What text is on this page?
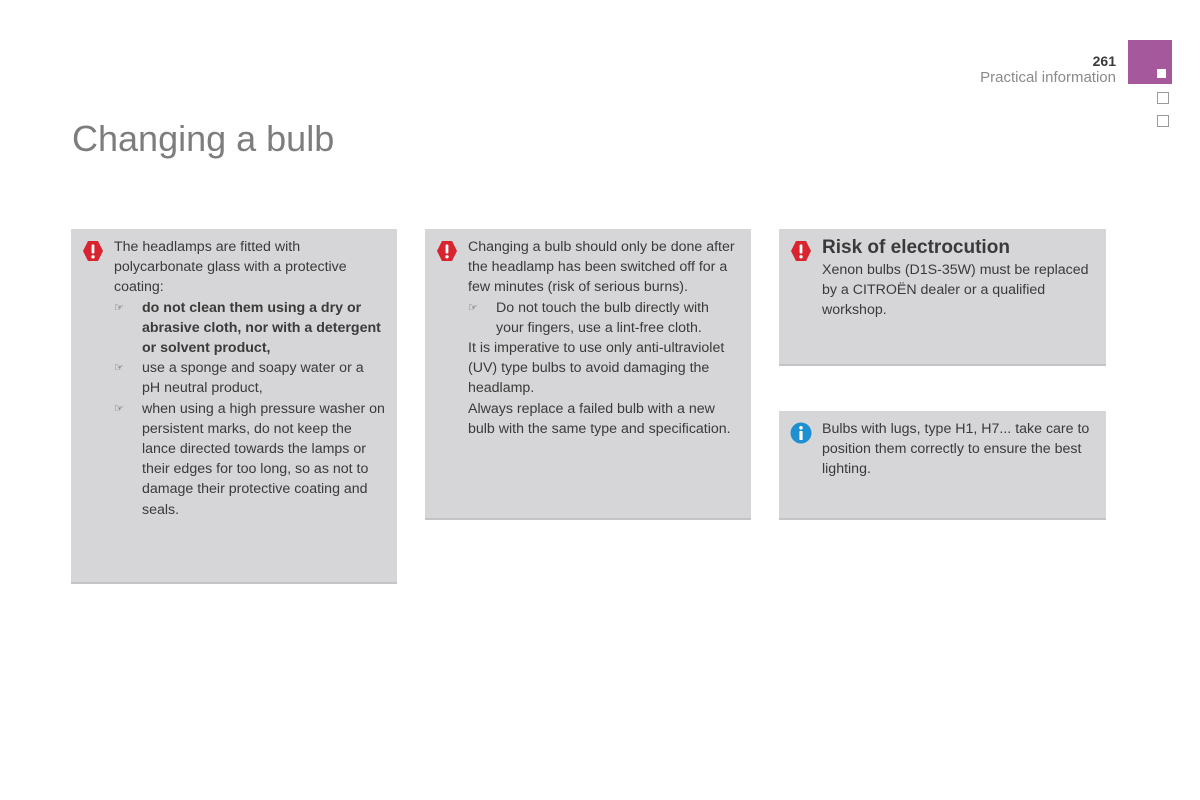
261
Practical information
Changing a bulb

The headlamps are fitted with polycarbonate glass with a protective coating:

☞ do not clean them using a dry or abrasive cloth, nor with a detergent or solvent product,
☞ use a sponge and soapy water or a pH neutral product,
☞ when using a high pressure washer on persistent marks, do not keep the lance directed towards the lamps or their edges for too long, so as not to damage their protective coating and seals.

Changing a bulb should only be done after the headlamp has been switched off for a few minutes (risk of serious burns).

☞ Do not touch the bulb directly with your fingers, use a lint-free cloth.

It is imperative to use only anti-ultraviolet (UV) type bulbs to avoid damaging the headlamp.

Always replace a failed bulb with a new bulb with the same type and specification.

Risk of electrocution

Xenon bulbs (D1S-35W) must be replaced by a CITROËN dealer or a qualified workshop.

Bulbs with lugs, type H1, H7... take care to position them correctly to ensure the best lighting.
